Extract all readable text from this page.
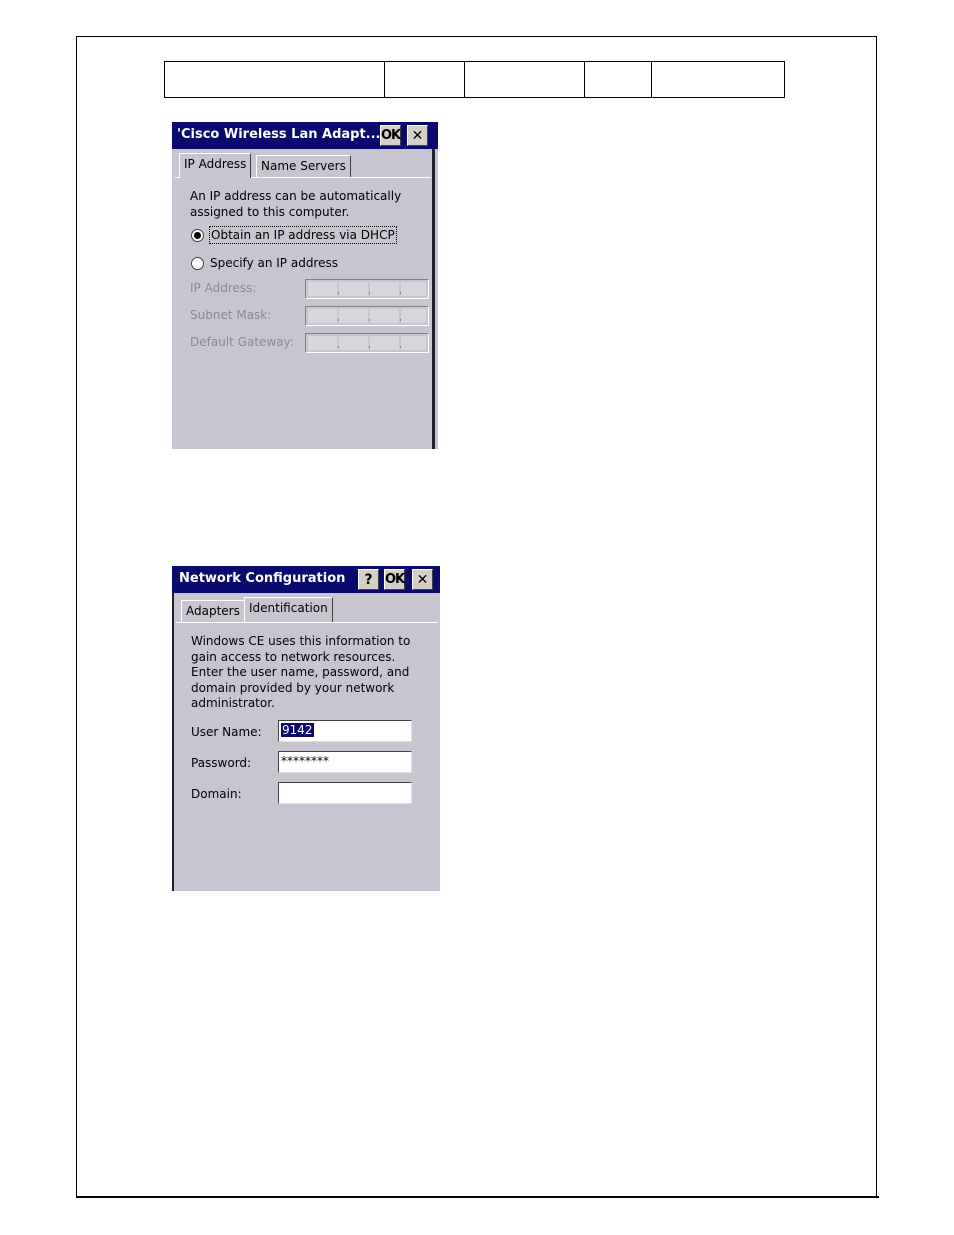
'Cisco Wireless Lan Adapt... OK ✕
IP Address	Name Servers
An IP address can be automatically
assigned to this computer.
Obtain an IP address via DHCP
Specify an IP address
IP Address:
Subnet Mask:
Default Gateway:
Network Configuration	? OK ✕
Adapters Identification
Windows CE uses this information to
gain access to network resources.
Enter the user name, password, and
domain provided by your network
administrator.
User Name:	9142
Password: ********
Domain:
